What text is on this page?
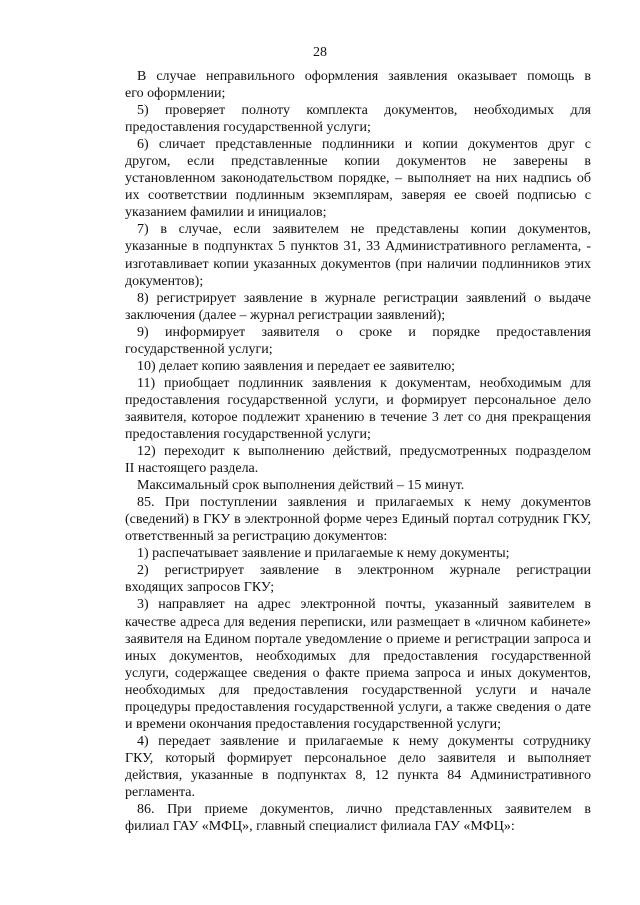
28
В случае неправильного оформления заявления оказывает помощь в
его оформлении;
5) проверяет полноту комплекта документов, необходимых для
предоставления государственной услуги;
6) сличает представленные подлинники и копии документов друг с
другом, если представленные копии документов не заверены в
установленном законодательством порядке, – выполняет на них надпись об
их соответствии подлинным экземплярам, заверяя ее своей подписью с
указанием фамилии и инициалов;
7) в случае, если заявителем не представлены копии документов,
указанные в подпунктах 5 пунктов 31, 33 Административного регламента, -
изготавливает копии указанных документов (при наличии подлинников этих
документов);
8) регистрирует заявление в журнале регистрации заявлений о выдаче
заключения (далее – журнал регистрации заявлений);
9) информирует заявителя о сроке и порядке предоставления
государственной услуги;
10) делает копию заявления и передает ее заявителю;
11) приобщает подлинник заявления к документам, необходимым для
предоставления государственной услуги, и формирует персональное дело
заявителя, которое подлежит хранению в течение 3 лет со дня прекращения
предоставления государственной услуги;
12) переходит к выполнению действий, предусмотренных подразделом
II настоящего раздела.
Максимальный срок выполнения действий – 15 минут.
85. При поступлении заявления и прилагаемых к нему документов
(сведений) в ГКУ в электронной форме через Единый портал сотрудник ГКУ,
ответственный за регистрацию документов:
1) распечатывает заявление и прилагаемые к нему документы;
2) регистрирует заявление в электронном журнале регистрации
входящих запросов ГКУ;
3) направляет на адрес электронной почты, указанный заявителем в
качестве адреса для ведения переписки, или размещает в «личном кабинете»
заявителя на Едином портале уведомление о приеме и регистрации запроса и
иных документов, необходимых для предоставления государственной
услуги, содержащее сведения о факте приема запроса и иных документов,
необходимых для предоставления государственной услуги и начале
процедуры предоставления государственной услуги, а также сведения о дате
и времени окончания предоставления государственной услуги;
4) передает заявление и прилагаемые к нему документы сотруднику
ГКУ, который формирует персональное дело заявителя и выполняет
действия, указанные в подпунктах 8, 12 пункта 84 Административного
регламента.
86. При приеме документов, лично представленных заявителем в
филиал ГАУ «МФЦ», главный специалист филиала ГАУ «МФЦ»:
